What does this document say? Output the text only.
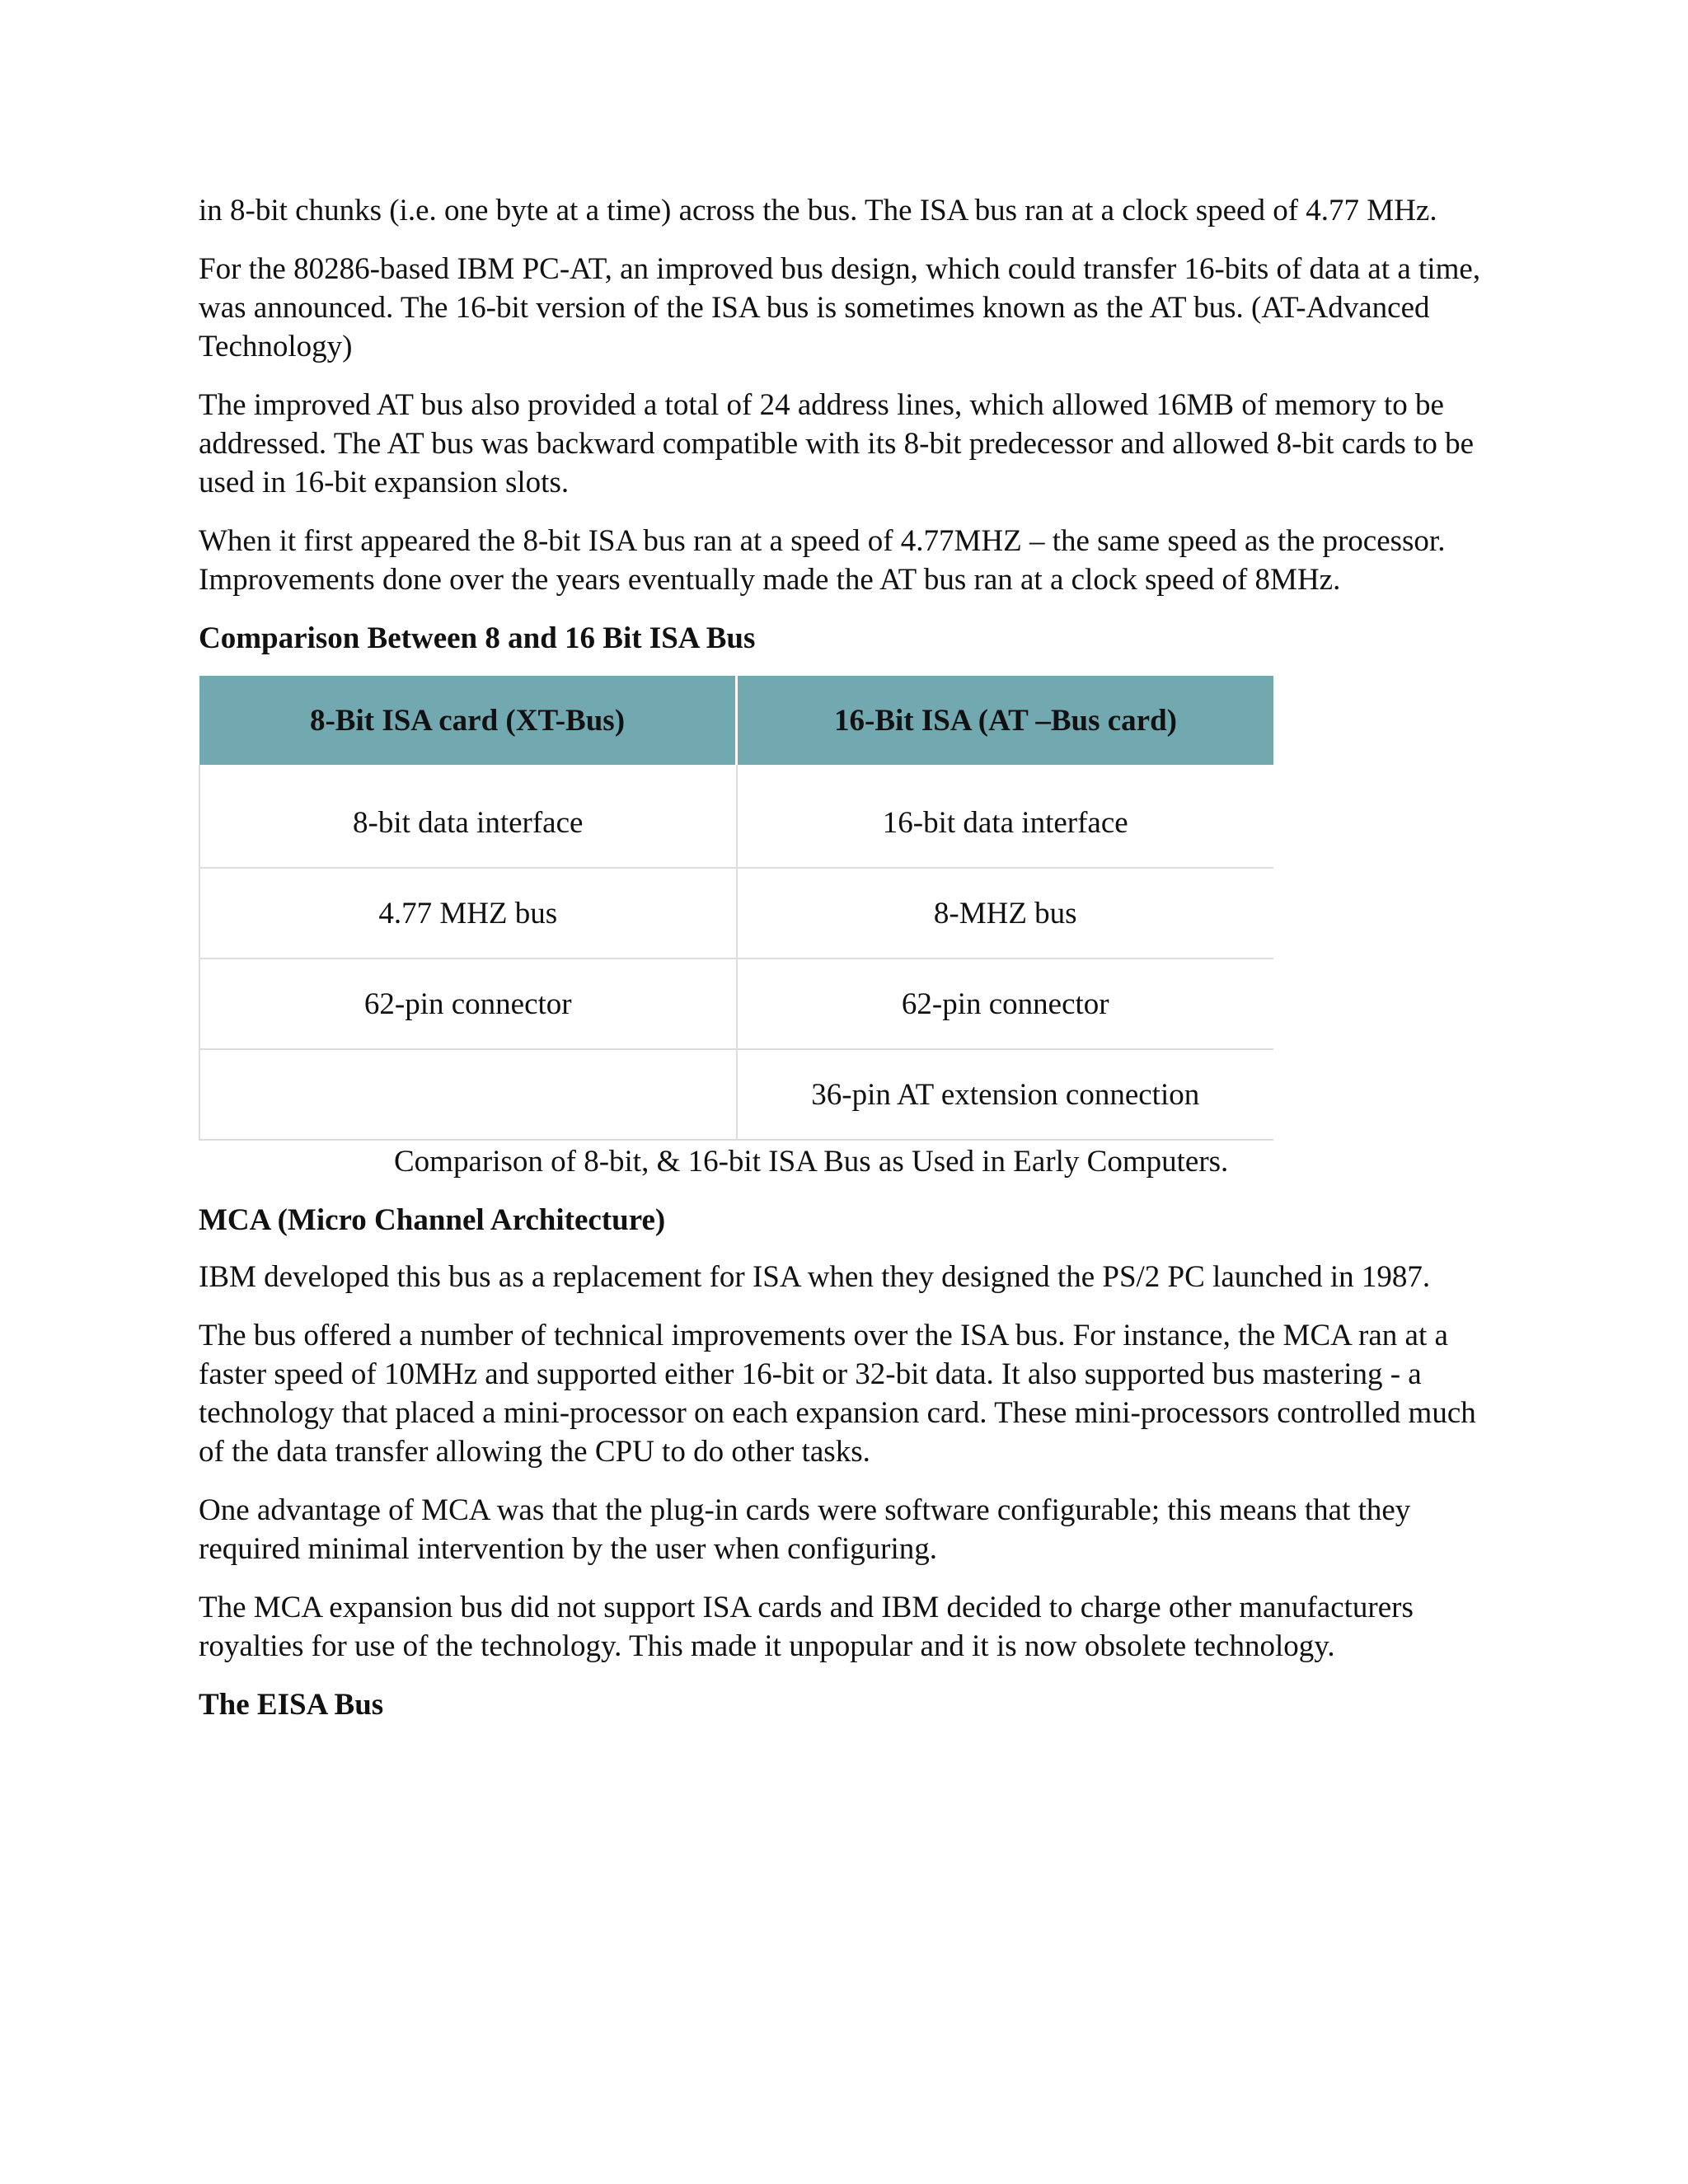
in 8-bit chunks (i.e. one byte at a time) across the bus. The ISA bus ran at a clock speed of 4.77 MHz.

For the 80286-based IBM PC-AT, an improved bus design, which could transfer 16-bits of data at a time, was announced. The 16-bit version of the ISA bus is sometimes known as the AT bus. (AT-Advanced Technology)

The improved AT bus also provided a total of 24 address lines, which allowed 16MB of memory to be addressed. The AT bus was backward compatible with its 8-bit predecessor and allowed 8-bit cards to be used in 16-bit expansion slots.

When it first appeared the 8-bit ISA bus ran at a speed of 4.77MHZ – the same speed as the processor. Improvements done over the years eventually made the AT bus ran at a clock speed of 8MHz.

Comparison Between 8 and 16 Bit ISA Bus
8-Bit ISA card (XT-Bus)	16-Bit ISA (AT –Bus card)

8-bit data interface	16-bit data interface
4.77 MHZ bus	8-MHZ bus
62-pin connector	62-pin connector
	36-pin AT extension connection
Comparison of 8-bit, & 16-bit ISA Bus as Used in Early Computers.
MCA (Micro Channel Architecture)

IBM developed this bus as a replacement for ISA when they designed the PS/2 PC launched in 1987.

The bus offered a number of technical improvements over the ISA bus. For instance, the MCA ran at a faster speed of 10MHz and supported either 16-bit or 32-bit data. It also supported bus mastering - a technology that placed a mini-processor on each expansion card. These mini-processors controlled much of the data transfer allowing the CPU to do other tasks.

One advantage of MCA was that the plug-in cards were software configurable; this means that they required minimal intervention by the user when configuring.

The MCA expansion bus did not support ISA cards and IBM decided to charge other manufacturers royalties for use of the technology. This made it unpopular and it is now obsolete technology.

The EISA Bus
